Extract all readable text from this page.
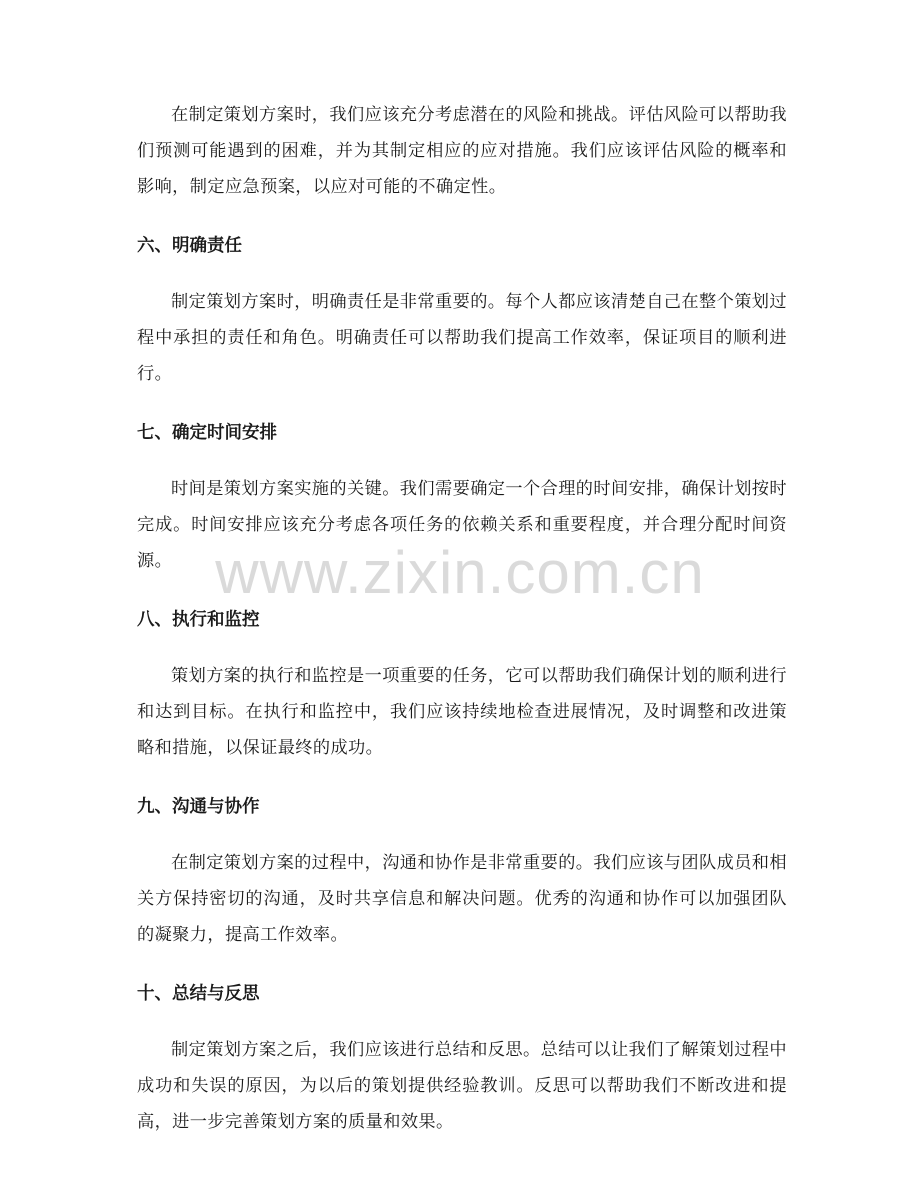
www.zixin.com.cn

在制定策划方案时，我们应该充分考虑潜在的风险和挑战。评估风险可以帮助我们预测可能遇到的困难，并为其制定相应的应对措施。我们应该评估风险的概率和影响，制定应急预案，以应对可能的不确定性。

六、明确责任

制定策划方案时，明确责任是非常重要的。每个人都应该清楚自己在整个策划过程中承担的责任和角色。明确责任可以帮助我们提高工作效率，保证项目的顺利进行。

七、确定时间安排

时间是策划方案实施的关键。我们需要确定一个合理的时间安排，确保计划按时完成。时间安排应该充分考虑各项任务的依赖关系和重要程度，并合理分配时间资源。

八、执行和监控

策划方案的执行和监控是一项重要的任务，它可以帮助我们确保计划的顺利进行和达到目标。在执行和监控中，我们应该持续地检查进展情况，及时调整和改进策略和措施，以保证最终的成功。

九、沟通与协作

在制定策划方案的过程中，沟通和协作是非常重要的。我们应该与团队成员和相关方保持密切的沟通，及时共享信息和解决问题。优秀的沟通和协作可以加强团队的凝聚力，提高工作效率。

十、总结与反思

制定策划方案之后，我们应该进行总结和反思。总结可以让我们了解策划过程中成功和失误的原因，为以后的策划提供经验教训。反思可以帮助我们不断改进和提高，进一步完善策划方案的质量和效果。
